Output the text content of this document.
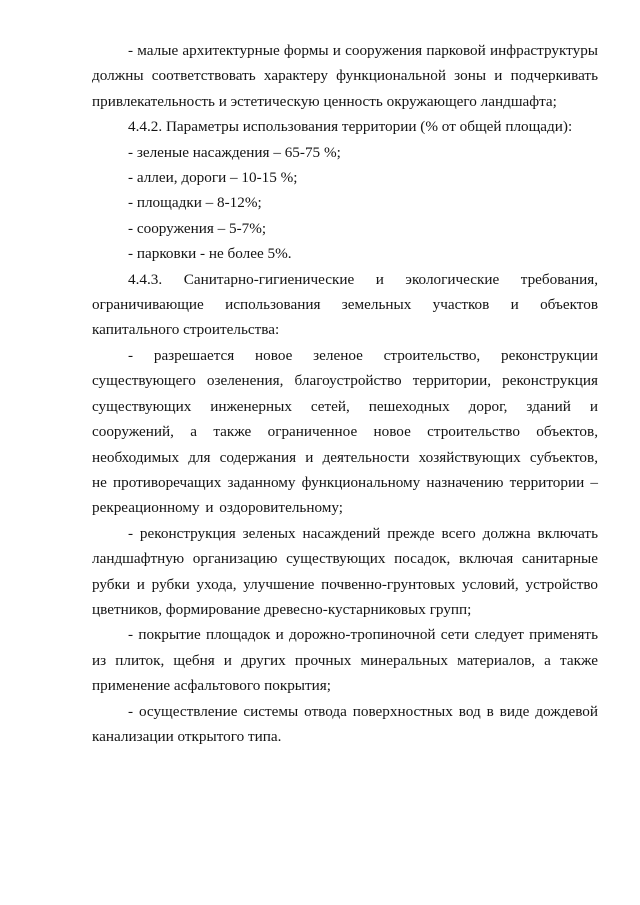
- малые архитектурные формы и сооружения парковой инфраструктуры должны соответствовать характеру функциональной зоны и подчеркивать привлекательность и эстетическую ценность окружающего ландшафта;

4.4.2. Параметры использования территории (% от общей площади):

- зеленые насаждения – 65-75 %;

- аллеи, дороги – 10-15 %;

- площадки – 8-12%;

- сооружения – 5-7%;

- парковки - не более 5%.

4.4.3. Санитарно-гигиенические и экологические требования, ограничивающие использования земельных участков и объектов капитального строительства:

- разрешается новое зеленое строительство, реконструкции существующего озеленения, благоустройство территории, реконструкция существующих инженерных сетей, пешеходных дорог, зданий и сооружений, а также ограниченное новое строительство объектов, необходимых для содержания и деятельности хозяйствующих субъектов, не противоречащих заданному функциональному назначению территории – рекреационному и оздоровительному;

- реконструкция зеленых насаждений прежде всего должна включать ландшафтную организацию существующих посадок, включая санитарные рубки и рубки ухода, улучшение почвенно-грунтовых условий, устройство цветников, формирование древесно-кустарниковых групп;

- покрытие площадок и дорожно-тропиночной сети следует применять из плиток, щебня и других прочных минеральных материалов, а также применение асфальтового покрытия;

- осуществление системы отвода поверхностных вод в виде дождевой канализации открытого типа.
